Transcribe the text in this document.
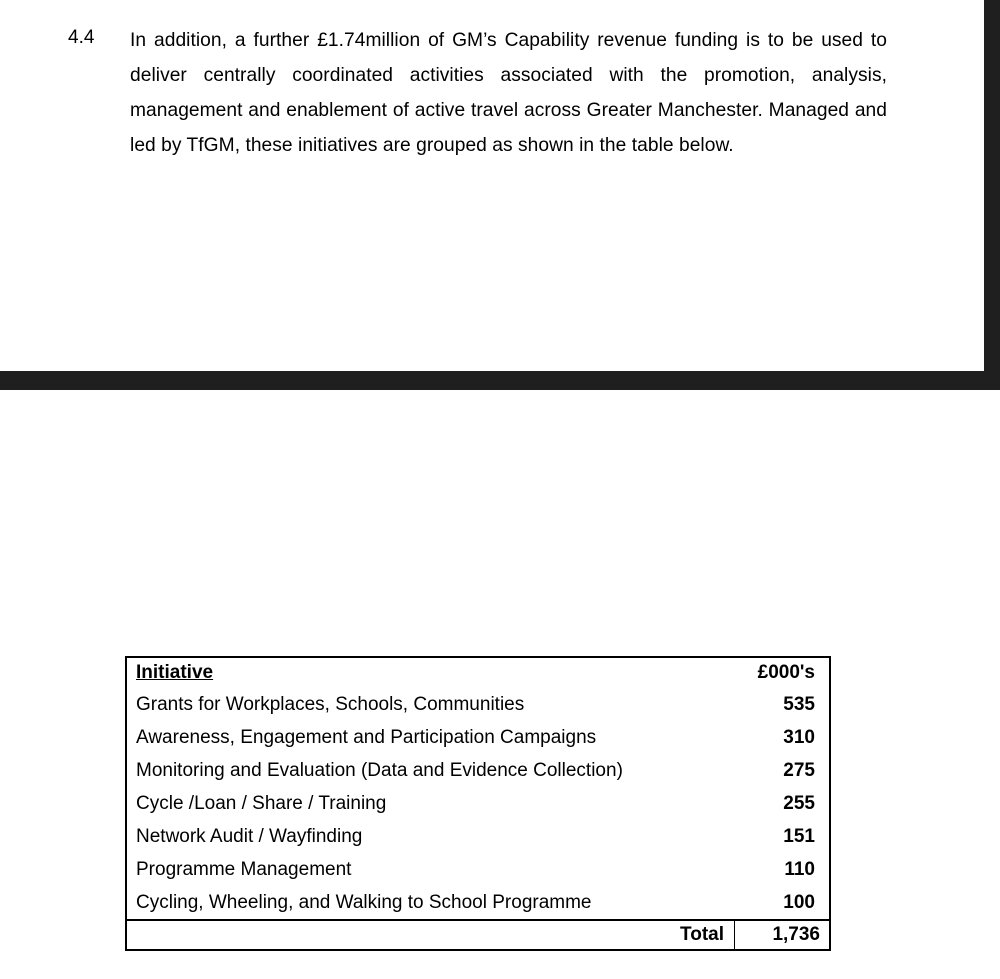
4.4 In addition, a further £1.74million of GM’s Capability revenue funding is to be used to deliver centrally coordinated activities associated with the promotion, analysis, management and enablement of active travel across Greater Manchester. Managed and led by TfGM, these initiatives are grouped as shown in the table below.
Initiative	£000's
Grants for Workplaces, Schools, Communities	535
Awareness, Engagement and Participation Campaigns	310
Monitoring and Evaluation (Data and Evidence Collection)	275
Cycle /Loan / Share / Training	255
Network Audit / Wayfinding	151
Programme Management	110
Cycling, Wheeling, and Walking to School Programme	100
Total	1,736
